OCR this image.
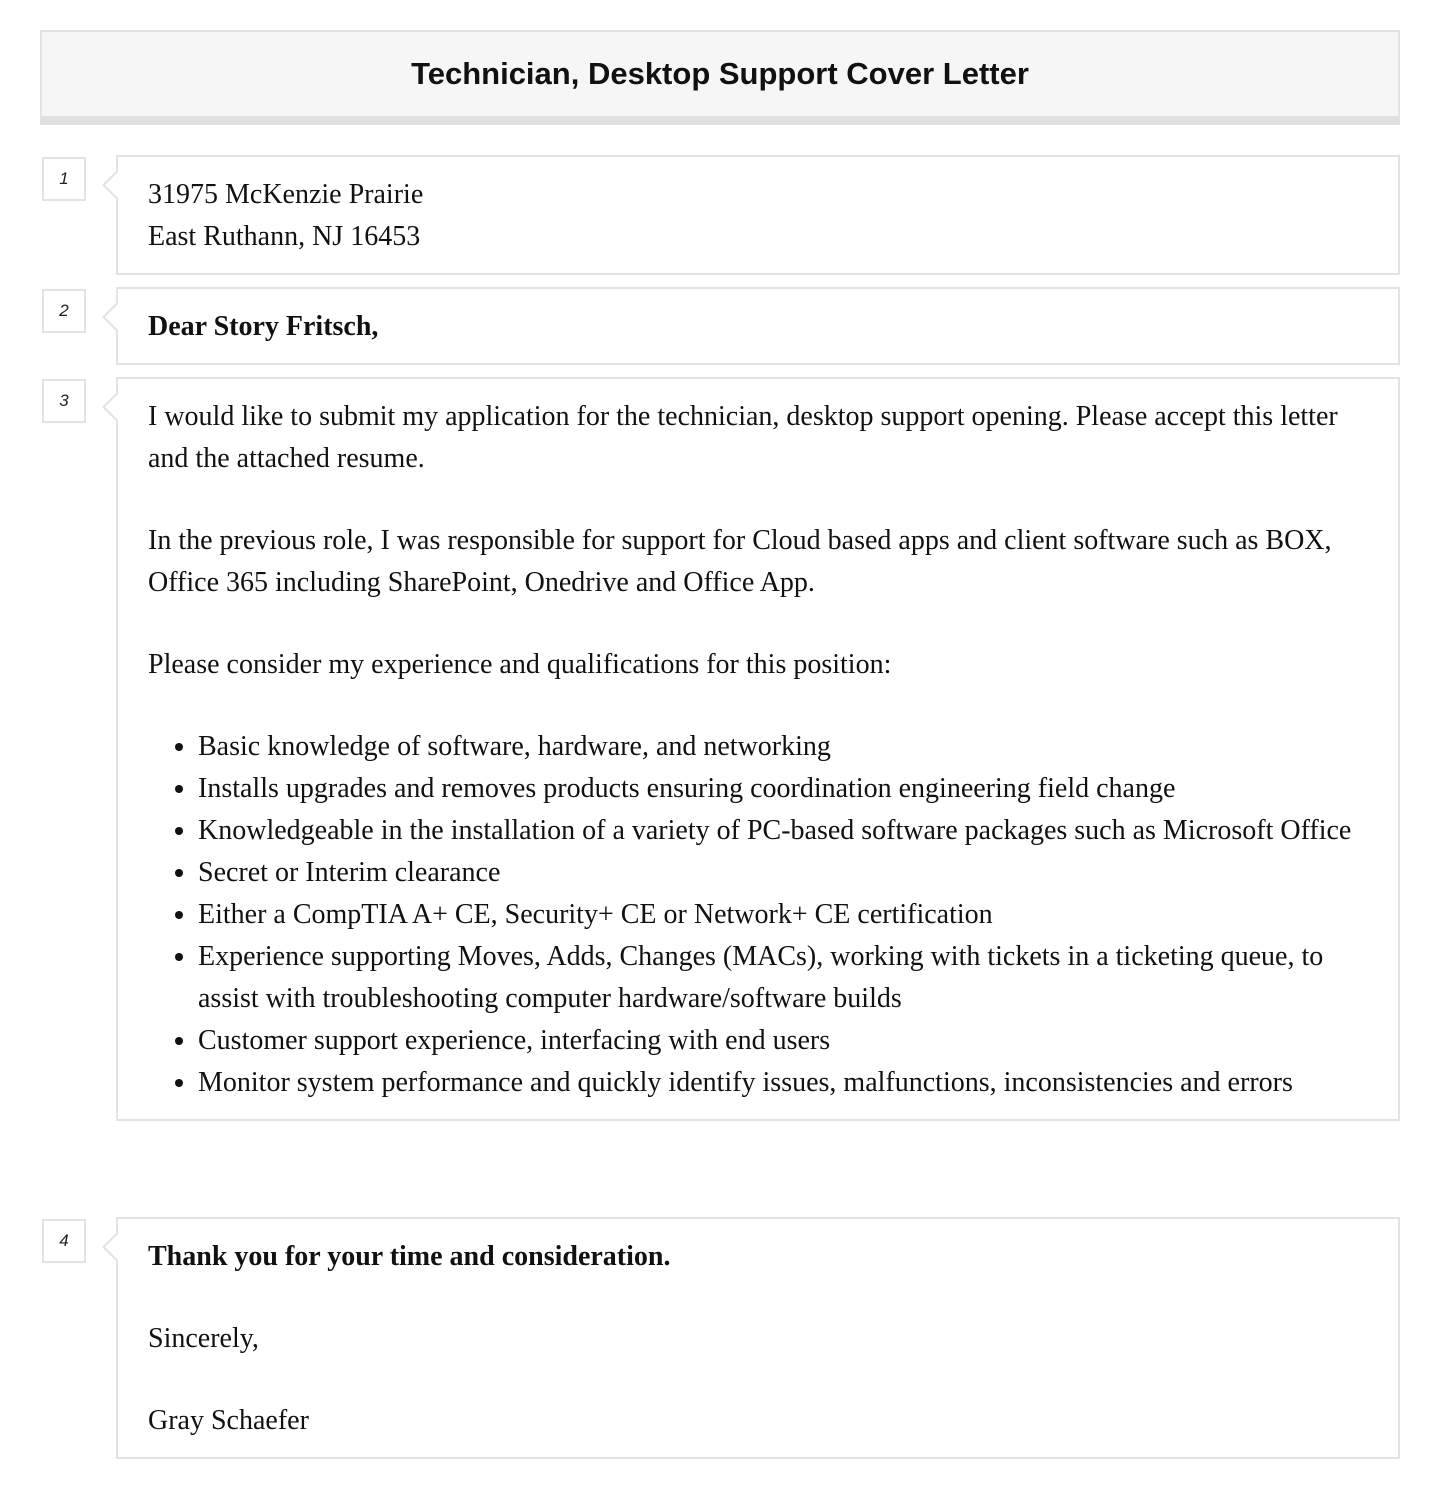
Technician, Desktop Support Cover Letter
1

31975 McKenzie Prairie

East Ruthann, NJ 16453

2

Dear Story Fritsch,

3

I would like to submit my application for the technician, desktop support opening. Please accept this letter and the attached resume.

In the previous role, I was responsible for support for Cloud based apps and client software such as BOX, Office 365 including SharePoint, Onedrive and Office App.

Please consider my experience and qualifications for this position:

• Basic knowledge of software, hardware, and networking
• Installs upgrades and removes products ensuring coordination engineering field change
• Knowledgeable in the installation of a variety of PC-based software packages such as Microsoft Office
• Secret or Interim clearance
• Either a CompTIA A+ CE, Security+ CE or Network+ CE certification
• Experience supporting Moves, Adds, Changes (MACs), working with tickets in a ticketing queue, to assist with troubleshooting computer hardware/software builds
• Customer support experience, interfacing with end users
• Monitor system performance and quickly identify issues, malfunctions, inconsistencies and errors
4

Thank you for your time and consideration.

Sincerely,

Gray Schaefer
